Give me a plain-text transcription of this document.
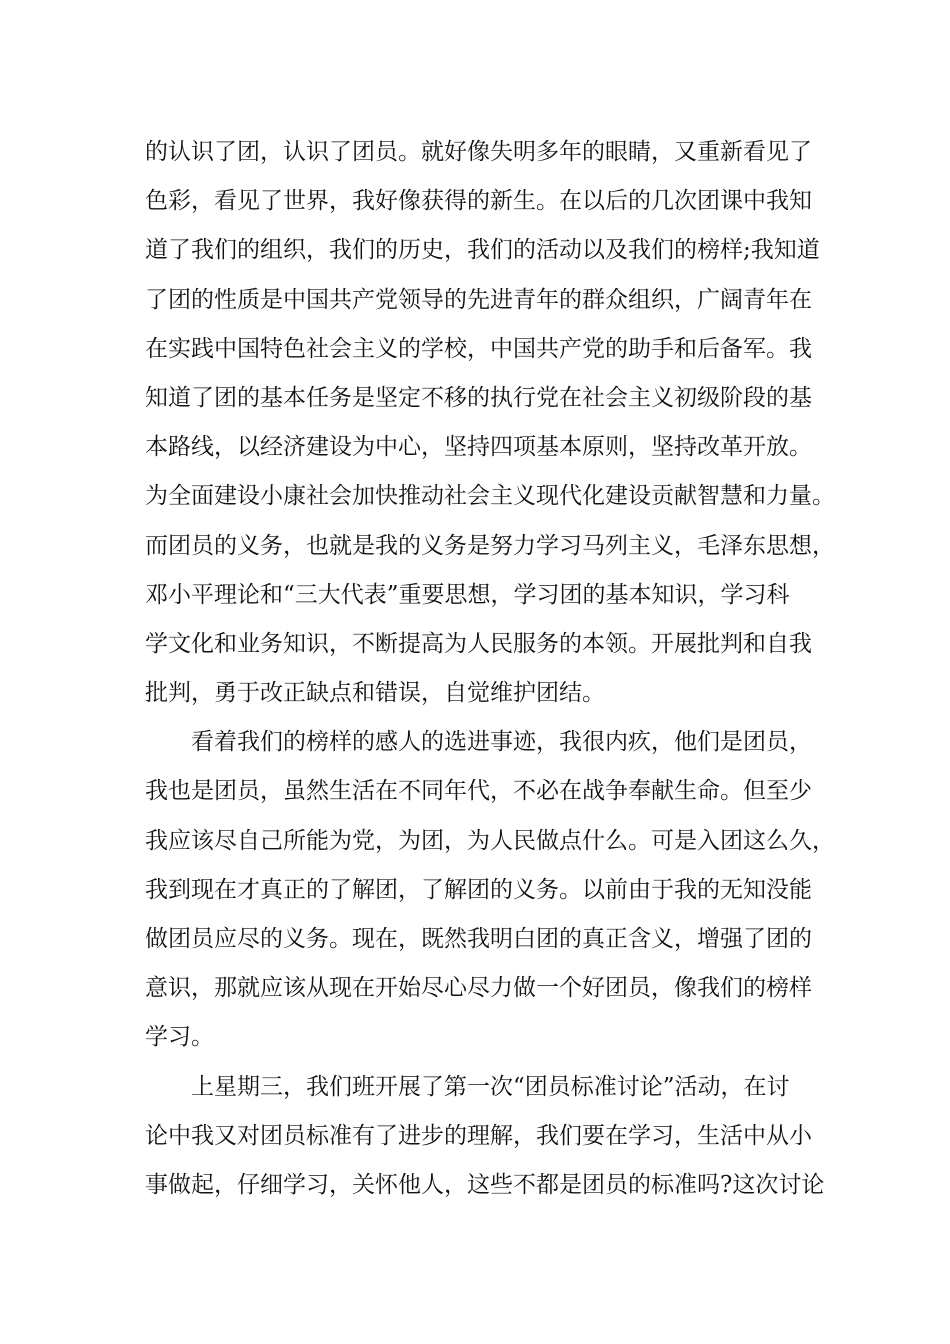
的认识了团，认识了团员。就好像失明多年的眼睛，又重新看见了
色彩，看见了世界，我好像获得的新生。在以后的几次团课中我知
道了我们的组织，我们的历史，我们的活动以及我们的榜样;我知道
了团的性质是中国共产党领导的先进青年的群众组织，广阔青年在
在实践中国特色社会主义的学校，中国共产党的助手和后备军。我
知道了团的基本任务是坚定不移的执行党在社会主义初级阶段的基
本路线，以经济建设为中心，坚持四项基本原则，坚持改革开放。
为全面建设小康社会加快推动社会主义现代化建设贡献智慧和力量。
而团员的义务，也就是我的义务是努力学习马列主义，毛泽东思想，
邓小平理论和“三大代表”重要思想，学习团的基本知识，学习科
学文化和业务知识，不断提高为人民服务的本领。开展批判和自我
批判，勇于改正缺点和错误，自觉维护团结。
看着我们的榜样的感人的选进事迹，我很内疚，他们是团员，
我也是团员，虽然生活在不同年代，不必在战争奉献生命。但至少
我应该尽自己所能为党，为团，为人民做点什么。可是入团这么久，
我到现在才真正的了解团，了解团的义务。以前由于我的无知没能
做团员应尽的义务。现在，既然我明白团的真正含义，增强了团的
意识，那就应该从现在开始尽心尽力做一个好团员，像我们的榜样
学习。
上星期三，我们班开展了第一次“团员标准讨论”活动，在讨
论中我又对团员标准有了进步的理解，我们要在学习，生活中从小
事做起，仔细学习，关怀他人，这些不都是团员的标准吗?这次讨论
